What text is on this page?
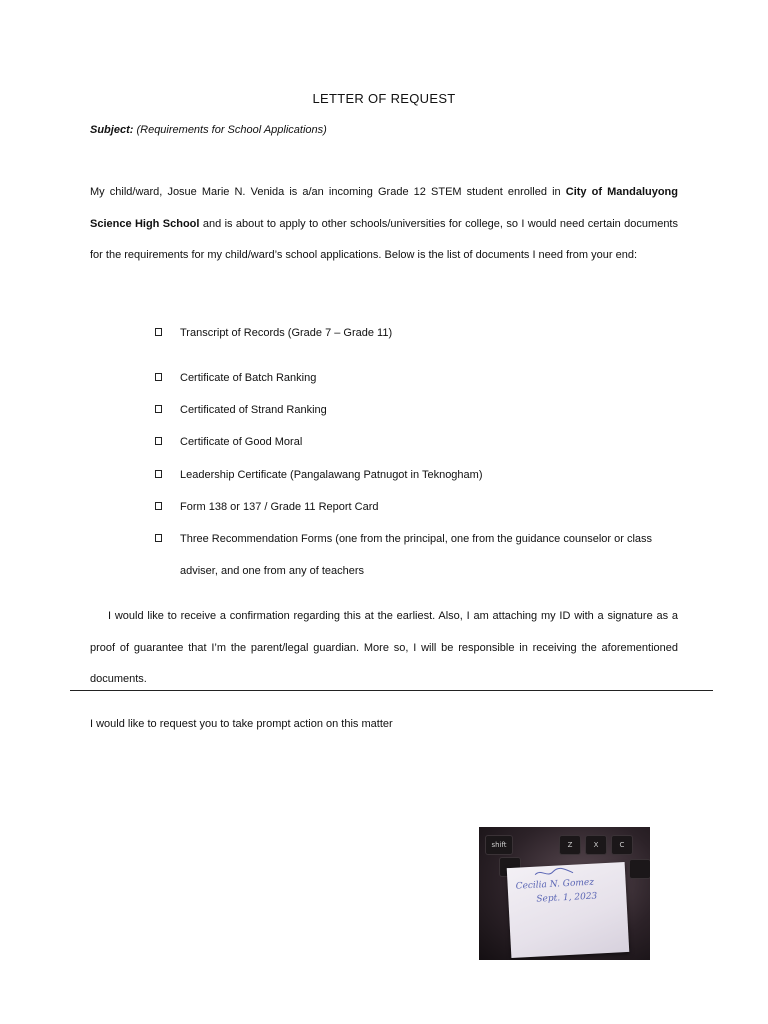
LETTER OF REQUEST
Subject: (Requirements for School Applications)
My child/ward, Josue Marie N. Venida is a/an incoming Grade 12 STEM student enrolled in City of Mandaluyong Science High School and is about to apply to other schools/universities for college, so I would need certain documents for the requirements for my child/ward’s school applications. Below is the list of documents I need from your end:
Transcript of Records (Grade 7 – Grade 11)
Certificate of Batch Ranking
Certificated of Strand Ranking
Certificate of Good Moral
Leadership Certificate (Pangalawang Patnugot in Teknogham)
Form 138 or 137 / Grade 11 Report Card
Three Recommendation Forms (one from the principal, one from the guidance counselor or class adviser, and one from any of teachers
I would like to receive a confirmation regarding this at the earliest. Also, I am attaching my ID with a signature as a proof of guarantee that I’m the parent/legal guardian. More so, I will be responsible in receiving the aforementioned documents.
I would like to request you to take prompt action on this matter
shift	Z	X	C
Cecilia N. Gomez
Sept. 1, 2023
